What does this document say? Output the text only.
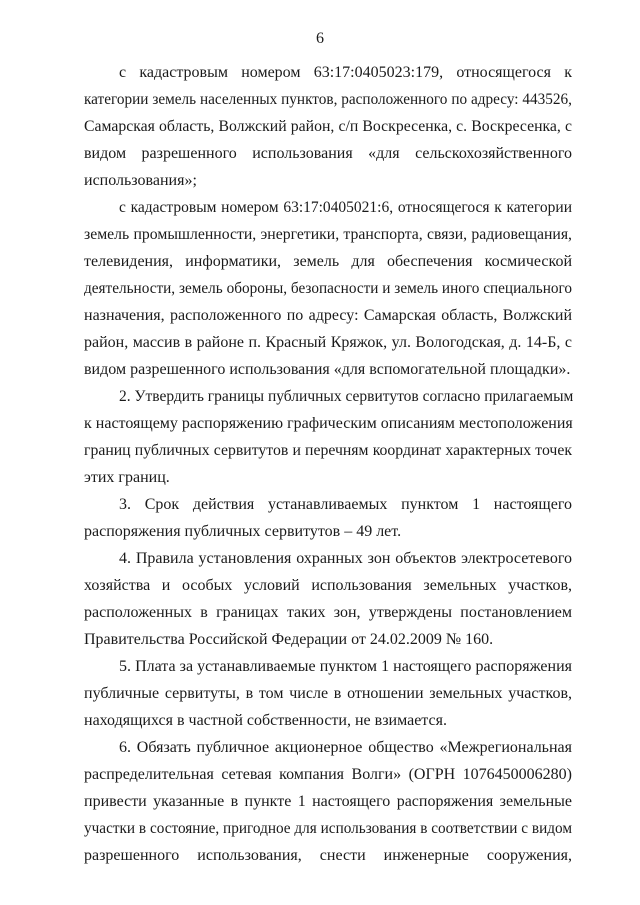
6
с кадастровым номером 63:17:0405023:179, относящегося к
категории земель населенных пунктов, расположенного по адресу: 443526,
Самарская область, Волжский район, с/п Воскресенка, с. Воскресенка, с
видом разрешенного использования «для сельскохозяйственного
использования»;
с кадастровым номером 63:17:0405021:6, относящегося к категории
земель промышленности, энергетики, транспорта, связи, радиовещания,
телевидения, информатики, земель для обеспечения космической
деятельности, земель обороны, безопасности и земель иного специального
назначения, расположенного по адресу: Самарская область, Волжский
район, массив в районе п. Красный Кряжок, ул. Вологодская, д. 14-Б, с
видом разрешенного использования «для вспомогательной площадки».
2. Утвердить границы публичных сервитутов согласно прилагаемым
к настоящему распоряжению графическим описаниям местоположения
границ публичных сервитутов и перечням координат характерных точек
этих границ.
3. Срок действия устанавливаемых пунктом 1 настоящего
распоряжения публичных сервитутов – 49 лет.
4. Правила установления охранных зон объектов электросетевого
хозяйства и особых условий использования земельных участков,
расположенных в границах таких зон, утверждены постановлением
Правительства Российской Федерации от 24.02.2009 № 160.
5. Плата за устанавливаемые пунктом 1 настоящего распоряжения
публичные сервитуты, в том числе в отношении земельных участков,
находящихся в частной собственности, не взимается.
6. Обязать публичное акционерное общество «Межрегиональная
распределительная сетевая компания Волги» (ОГРН 1076450006280)
привести указанные в пункте 1 настоящего распоряжения земельные
участки в состояние, пригодное для использования в соответствии с видом
разрешенного использования, снести инженерные сооружения,
